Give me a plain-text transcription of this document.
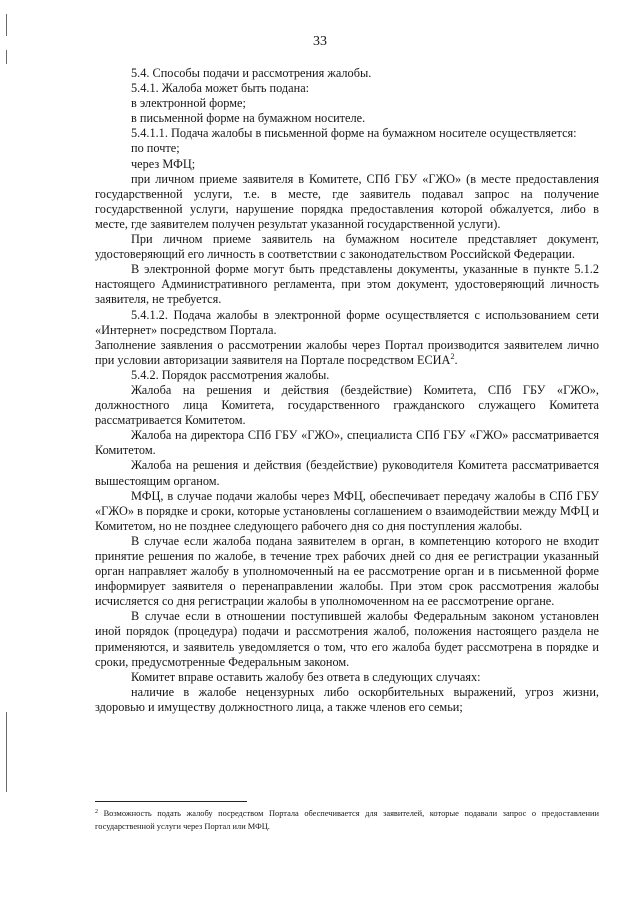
33

5.4. Способы подачи и рассмотрения жалобы.

5.4.1. Жалоба может быть подана:

в электронной форме;

в письменной форме на бумажном носителе.

5.4.1.1. Подача жалобы в письменной форме на бумажном носителе осуществляется:

по почте;

через МФЦ;

при личном приеме заявителя в Комитете, СПб ГБУ «ГЖО» (в месте предоставления государственной услуги, т.е. в месте, где заявитель подавал запрос на получение государственной услуги, нарушение порядка предоставления которой обжалуется, либо в месте, где заявителем получен результат указанной государственной услуги).

При личном приеме заявитель на бумажном носителе представляет документ, удостоверяющий его личность в соответствии с законодательством Российской Федерации.

В электронной форме могут быть представлены документы, указанные в пункте 5.1.2 настоящего Административного регламента, при этом документ, удостоверяющий личность заявителя, не требуется.

5.4.1.2. Подача жалобы в электронной форме осуществляется с использованием сети «Интернет» посредством Портала.

Заполнение заявления о рассмотрении жалобы через Портал производится заявителем лично при условии авторизации заявителя на Портале посредством ЕСИА$^2$.

5.4.2. Порядок рассмотрения жалобы.

Жалоба на решения и действия (бездействие) Комитета, СПб ГБУ «ГЖО», должностного лица Комитета, государственного гражданского служащего Комитета рассматривается Комитетом.

Жалоба на директора СПб ГБУ «ГЖО», специалиста СПб ГБУ «ГЖО» рассматривается Комитетом.

Жалоба на решения и действия (бездействие) руководителя Комитета рассматривается вышестоящим органом.

МФЦ, в случае подачи жалобы через МФЦ, обеспечивает передачу жалобы в СПб ГБУ «ГЖО» в порядке и сроки, которые установлены соглашением о взаимодействии между МФЦ и Комитетом, но не позднее следующего рабочего дня со дня поступления жалобы.

В случае если жалоба подана заявителем в орган, в компетенцию которого не входит принятие решения по жалобе, в течение трех рабочих дней со дня ее регистрации указанный орган направляет жалобу в уполномоченный на ее рассмотрение орган и в письменной форме информирует заявителя о перенаправлении жалобы. При этом срок рассмотрения жалобы исчисляется со дня регистрации жалобы в уполномоченном на ее рассмотрение органе.

В случае если в отношении поступившей жалобы Федеральным законом установлен иной порядок (процедура) подачи и рассмотрения жалоб, положения настоящего раздела не применяются, и заявитель уведомляется о том, что его жалоба будет рассмотрена в порядке и сроки, предусмотренные Федеральным законом.

Комитет вправе оставить жалобу без ответа в следующих случаях:

наличие в жалобе нецензурных либо оскорбительных выражений, угроз жизни, здоровью и имуществу должностного лица, а также членов его семьи;

$^2$ Возможность подать жалобу посредством Портала обеспечивается для заявителей, которые подавали запрос о предоставлении государственной услуги через Портал или МФЦ.
